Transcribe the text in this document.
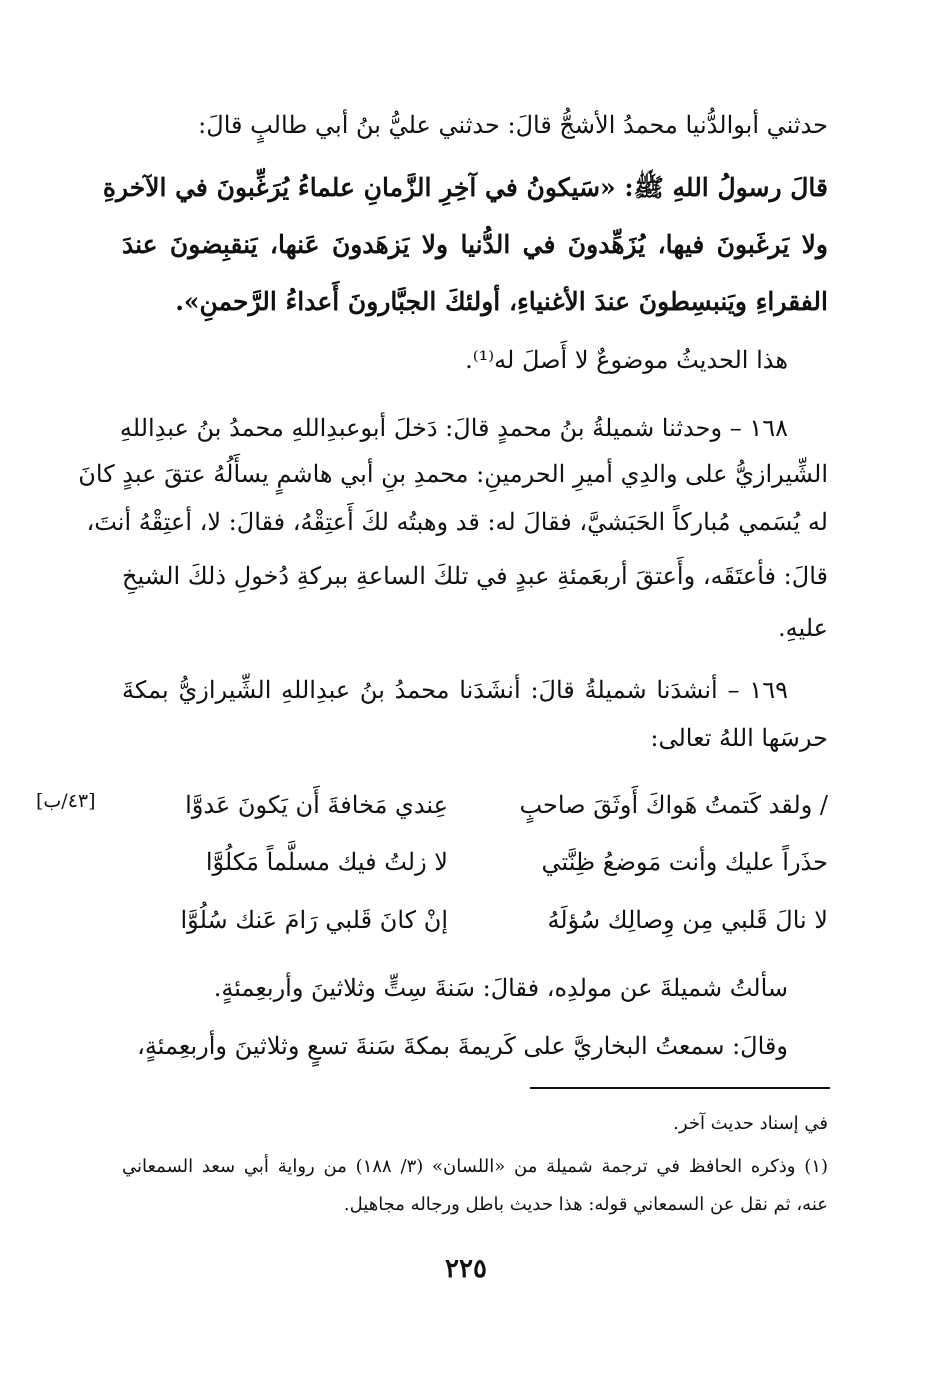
حدثني أبوالدُّنيا محمدُ الأشجُّ قالَ: حدثني عليُّ بنُ أبي طالبٍ قالَ:
قالَ رسولُ اللهِ ﷺ: «سَيكونُ في آخِرِ الزَّمانِ علماءُ يُرَغِّبونَ في الآخرةِ
ولا يَرغَبونَ فيها، يُزَهِّدونَ في الدُّنيا ولا يَزهَدونَ عَنها، يَنقبِضونَ عندَ
الفقراءِ ويَنبسِطونَ عندَ الأغنياءِ، أولئكَ الجبَّارونَ أَعداءُ الرَّحمنِ».
هذا الحديثُ موضوعٌ لا أَصلَ له⁽¹⁾.
١٦٨ – وحدثنا شميلةُ بنُ محمدٍ قالَ: دَخلَ أبوعبدِاللهِ محمدُ بنُ عبدِاللهِ
الشِّيرازيُّ على والدِي أميرِ الحرمينِ: محمدِ بنِ أبي هاشمٍ يسأَلُهُ عتقَ عبدٍ كانَ
له يُسَمي مُباركاً الحَبَشيَّ، فقالَ له: قد وهبتُه لكَ أَعتِقْهُ، فقالَ: لا، أعتِقْهُ أنتَ،
قالَ: فأعتَقَه، وأَعتقَ أربعَمئةِ عبدٍ في تلكَ الساعةِ ببركةِ دُخولِ ذلكَ الشيخِ
عليهِ.
١٦٩ – أنشدَنا شميلةُ قالَ: أنشَدَنا محمدُ بنُ عبدِاللهِ الشِّيرازيُّ بمكةَ
حرسَها اللهُ تعالى:
/ ولقد كَتمتُ هَواكَ أَوثَقَ صاحبٍ
عِندي مَخافةَ أَن يَكونَ عَدوَّا
[٤٣/ب]
حذَراً عليك وأنت مَوضعُ ظِنَّتي
لا زلتُ فيك مسلَّماً مَكلُوَّا
لا نالَ قَلبي مِن وِصالِك سُؤلَهُ
إنْ كانَ قَلبي رَامَ عَنك سُلُوَّا
سألتُ شميلةَ عن مولدِه، فقالَ: سَنةَ سِتٍّ وثلاثينَ وأربعِمئةٍ.
وقالَ: سمعتُ البخاريَّ على كَريمةَ بمكةَ سَنةَ تسعٍ وثلاثينَ وأربعِمئةٍ،
في إسناد حديث آخر.
(١) وذكره الحافظ في ترجمة شميلة من «اللسان» (٣/ ١٨٨) من رواية أبي سعد السمعاني
عنه، ثم نقل عن السمعاني قوله: هذا حديث باطل ورجاله مجاهيل.
٢٢٥
